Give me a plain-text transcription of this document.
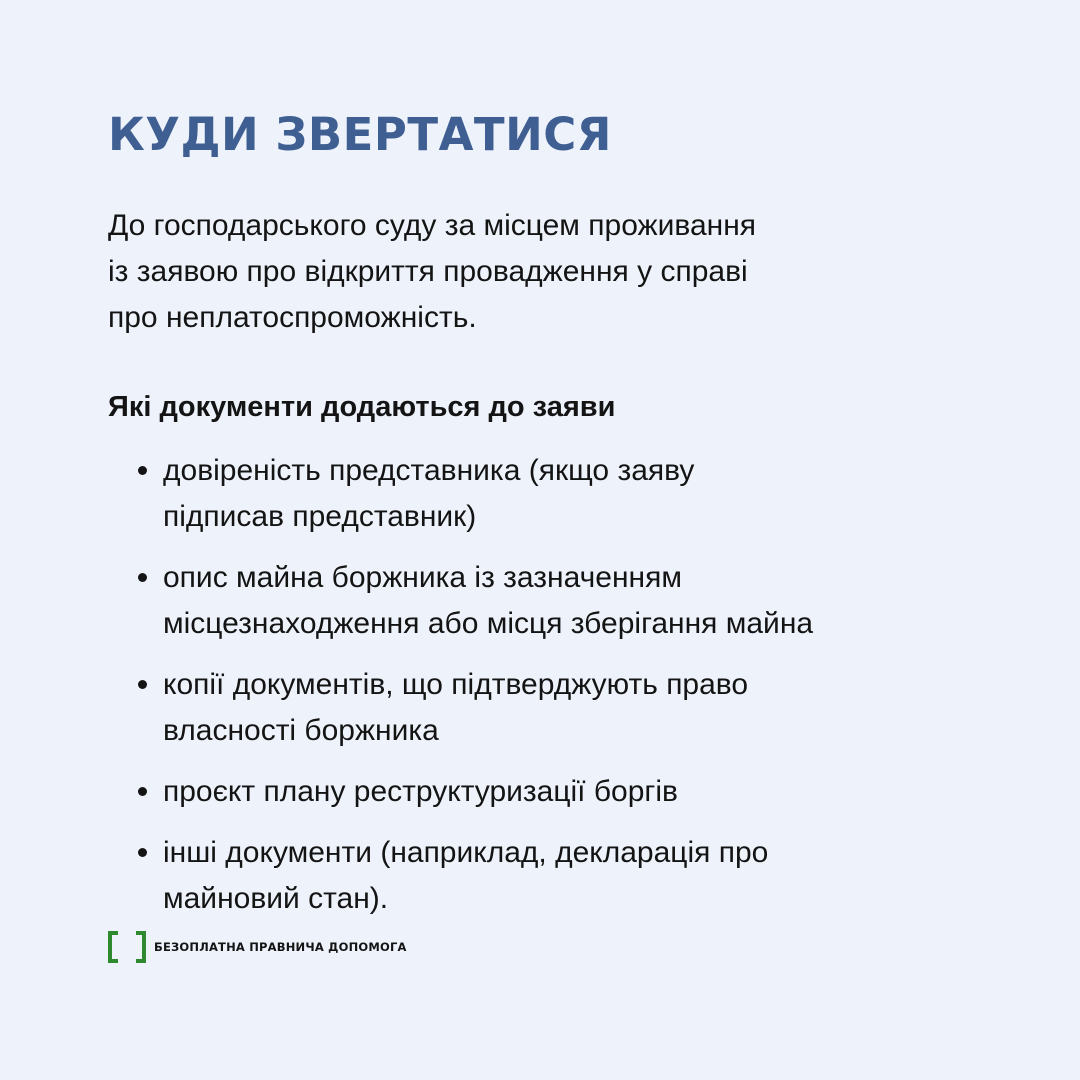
КУДИ ЗВЕРТАТИСЯ

До господарського суду за місцем проживання
із заявою про відкриття провадження у справі
про неплатоспроможність.

Які документи додаються до заяви
довіреність представника (якщо заяву
підписав представник)
опис майна боржника із зазначенням
місцезнаходження або місця зберігання майна
копії документів, що підтверджують право
власності боржника
проєкт плану реструктуризації боргів
інші документи (наприклад, декларація про
майновий стан).
БЕЗОПЛАТНА ПРАВНИЧА ДОПОМОГА
